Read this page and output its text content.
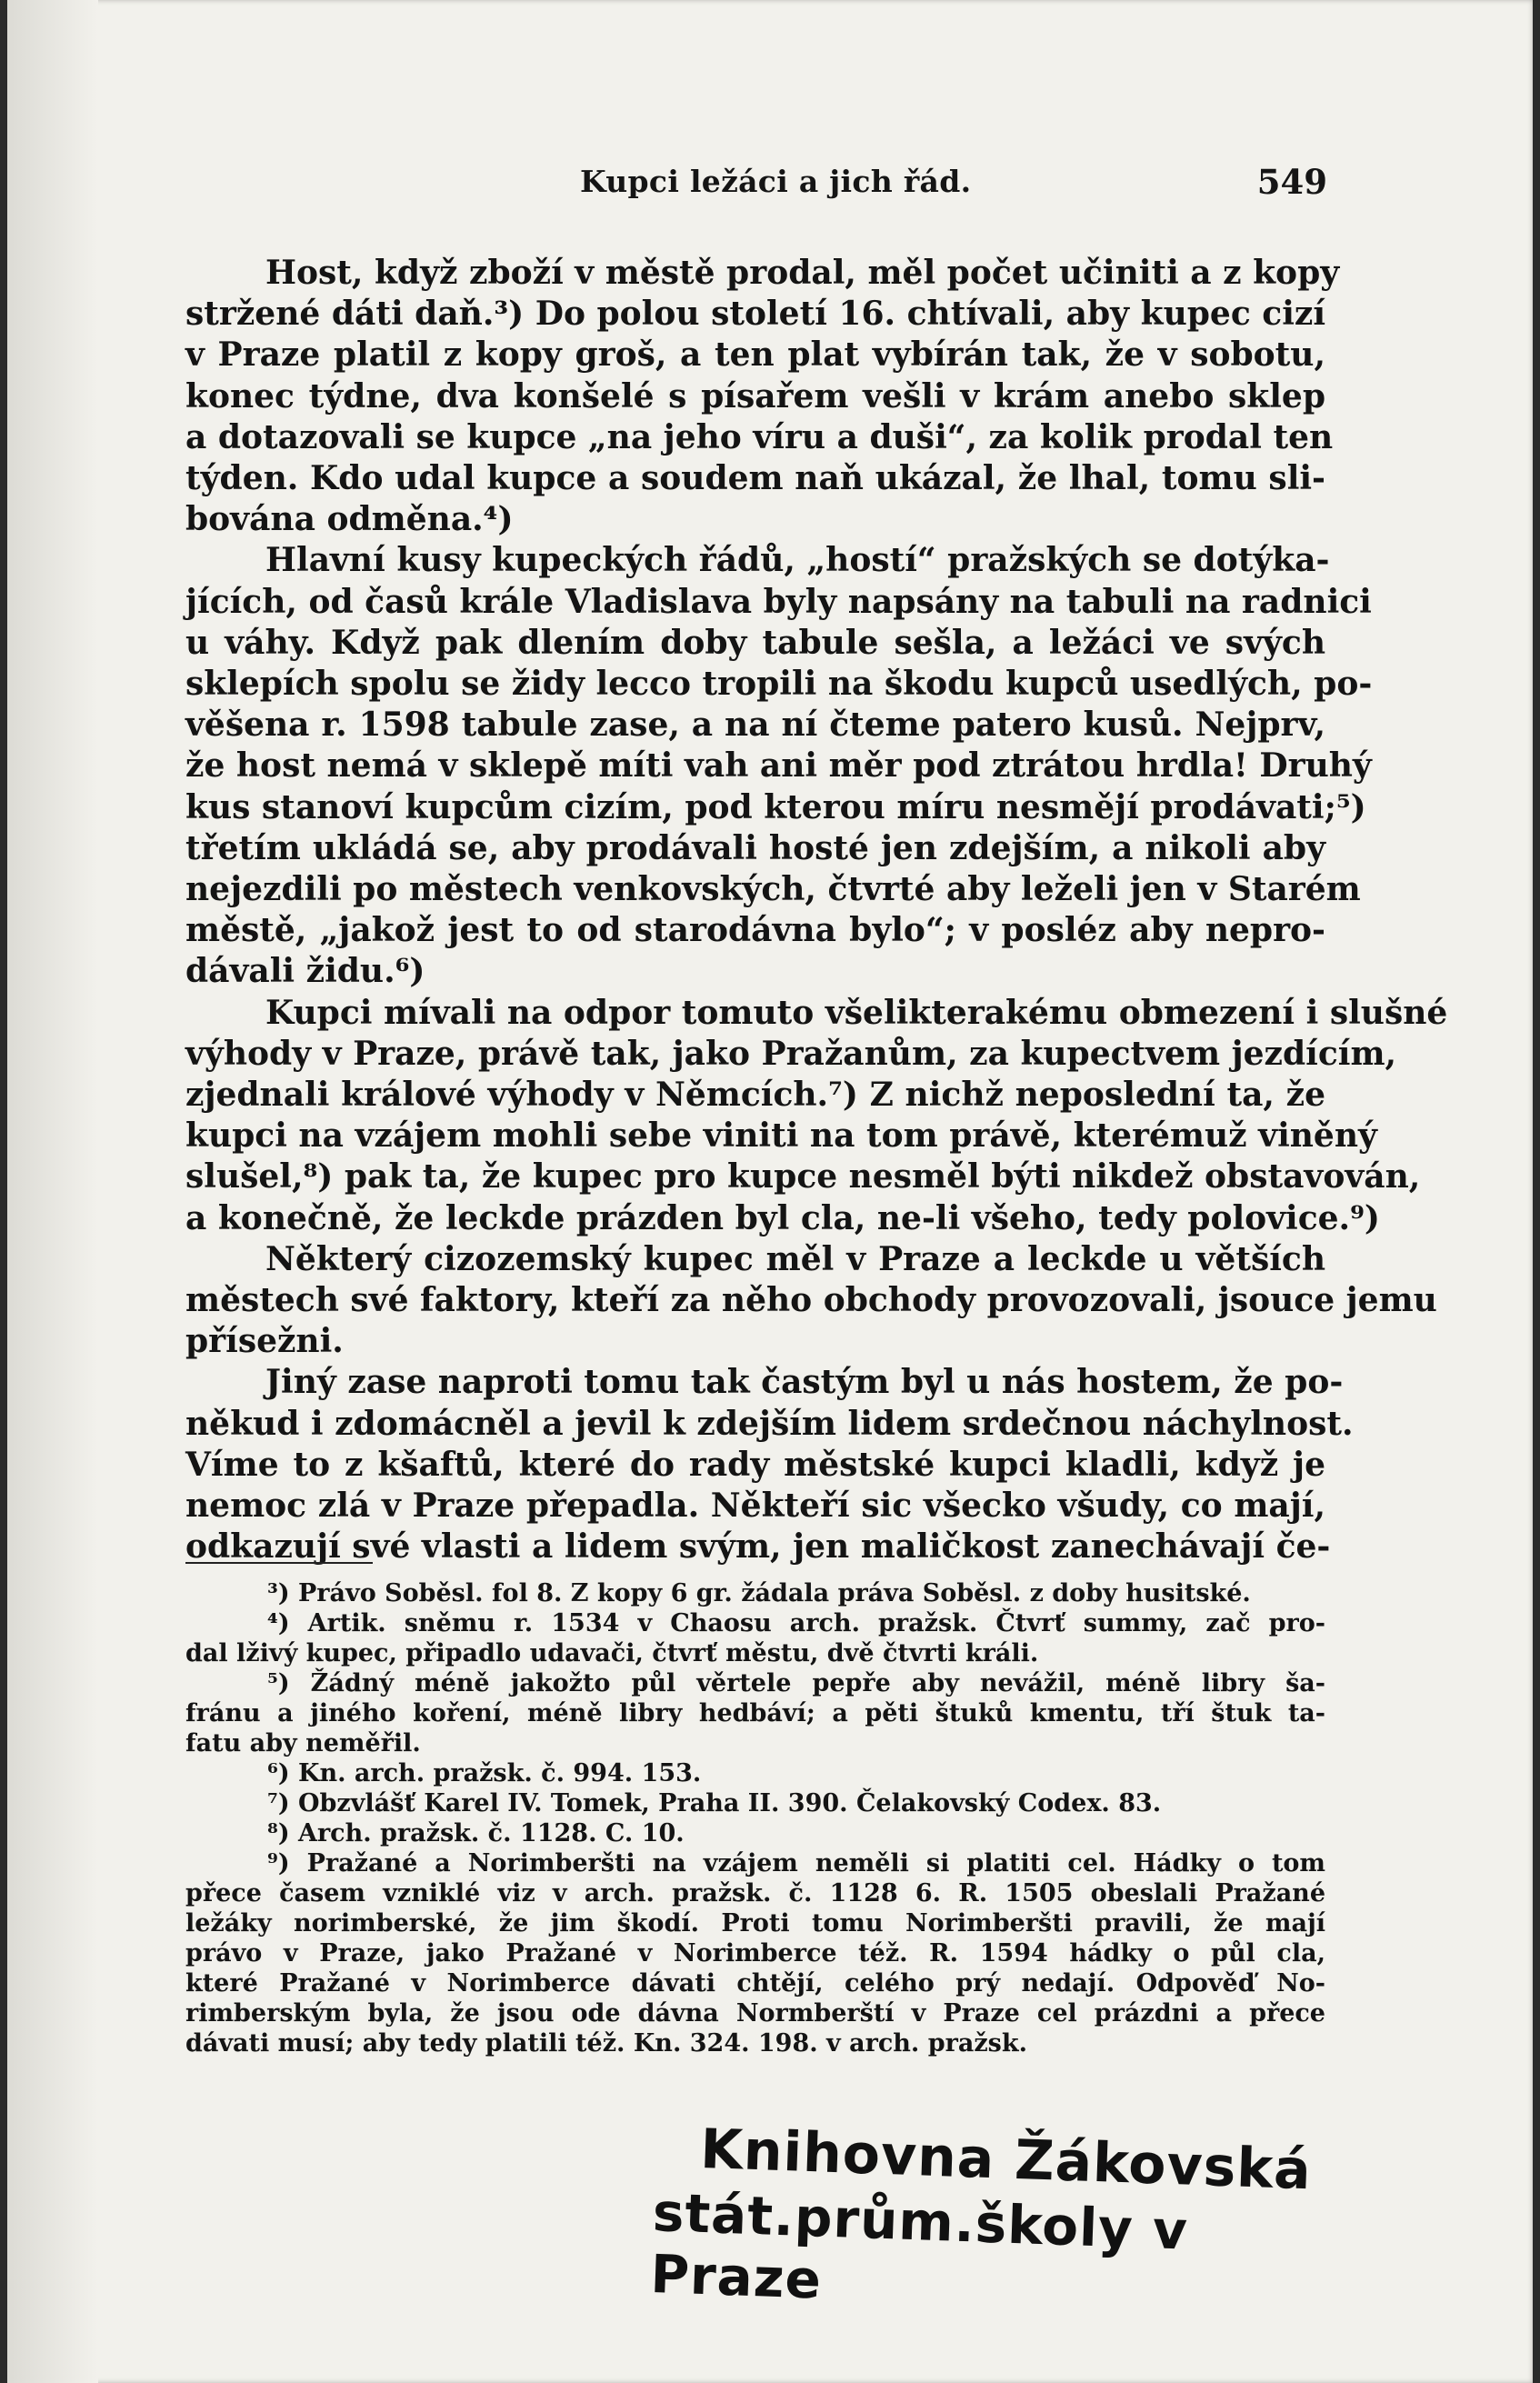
Kupci ležáci a jich řád.	549
Host, když zboží v městě prodal, měl počet učiniti a z kopy
stržené dáti daň.³) Do polou století 16. chtívali, aby kupec cizí
v Praze platil z kopy groš, a ten plat vybírán tak, že v sobotu,
konec týdne, dva konšelé s písařem vešli v krám anebo sklep
a dotazovali se kupce „na jeho víru a duši“, za kolik prodal ten
týden. Kdo udal kupce a soudem naň ukázal, že lhal, tomu sli-
bována odměna.⁴)
Hlavní kusy kupeckých řádů, „hostí“ pražských se dotýka-
jících, od časů krále Vladislava byly napsány na tabuli na radnici
u váhy. Když pak dlením doby tabule sešla, a ležáci ve svých
sklepích spolu se židy lecco tropili na škodu kupců usedlých, po-
věšena r. 1598 tabule zase, a na ní čteme patero kusů. Nejprv,
že host nemá v sklepě míti vah ani měr pod ztrátou hrdla! Druhý
kus stanoví kupcům cizím, pod kterou míru nesmějí prodávati;⁵)
třetím ukládá se, aby prodávali hosté jen zdejším, a nikoli aby
nejezdili po městech venkovských, čtvrté aby leželi jen v Starém
městě, „jakož jest to od starodávna bylo“; v posléz aby nepro-
dávali židu.⁶)
Kupci mívali na odpor tomuto všelikterakému obmezení i slušné
výhody v Praze, právě tak, jako Pražanům, za kupectvem jezdícím,
zjednali králové výhody v Němcích.⁷) Z nichž neposlední ta, že
kupci na vzájem mohli sebe viniti na tom právě, kterémuž viněný
slušel,⁸) pak ta, že kupec pro kupce nesměl býti nikdež obstavován,
a konečně, že leckde prázden byl cla, ne-li všeho, tedy polovice.⁹)
Některý cizozemský kupec měl v Praze a leckde u větších
městech své faktory, kteří za něho obchody provozovali, jsouce jemu
přísežni.
Jiný zase naproti tomu tak častým byl u nás hostem, že po-
někud i zdomácněl a jevil k zdejším lidem srdečnou náchylnost.
Víme to z kšaftů, které do rady městské kupci kladli, když je
nemoc zlá v Praze přepadla. Někteří sic všecko všudy, co mají,
odkazují své vlasti a lidem svým, jen maličkost zanechávají če-
³) Právo Soběsl. fol 8. Z kopy 6 gr. žádala práva Soběsl. z doby husitské.
⁴) Artik. sněmu r. 1534 v Chaosu arch. pražsk. Čtvrť summy, zač pro-
dal lživý kupec, připadlo udavači, čtvrť městu, dvě čtvrti králi.
⁵) Žádný méně jakožto půl věrtele pepře aby nevážil, méně libry ša-
fránu a jiného koření, méně libry hedbáví; a pěti štuků kmentu, tří štuk ta-
fatu aby neměřil.
⁶) Kn. arch. pražsk. č. 994. 153.
⁷) Obzvlášť Karel IV. Tomek, Praha II. 390. Čelakovský Codex. 83.
⁸) Arch. pražsk. č. 1128. C. 10.
⁹) Pražané a Norimberšti na vzájem neměli si platiti cel. Hádky o tom
přece časem vzniklé viz v arch. pražsk. č. 1128 6. R. 1505 obeslali Pražané
ležáky norimberské, že jim škodí. Proti tomu Norimberšti pravili, že mají
právo v Praze, jako Pražané v Norimberce též. R. 1594 hádky o půl cla,
které Pražané v Norimberce dávati chtějí, celého prý nedají. Odpověď No-
rimberským byla, že jsou ode dávna Normberští v Praze cel prázdni a přece
dávati musí; aby tedy platili též. Kn. 324. 198. v arch. pražsk.
Knihovna Žákovská
stát.prům.školy v Praze
